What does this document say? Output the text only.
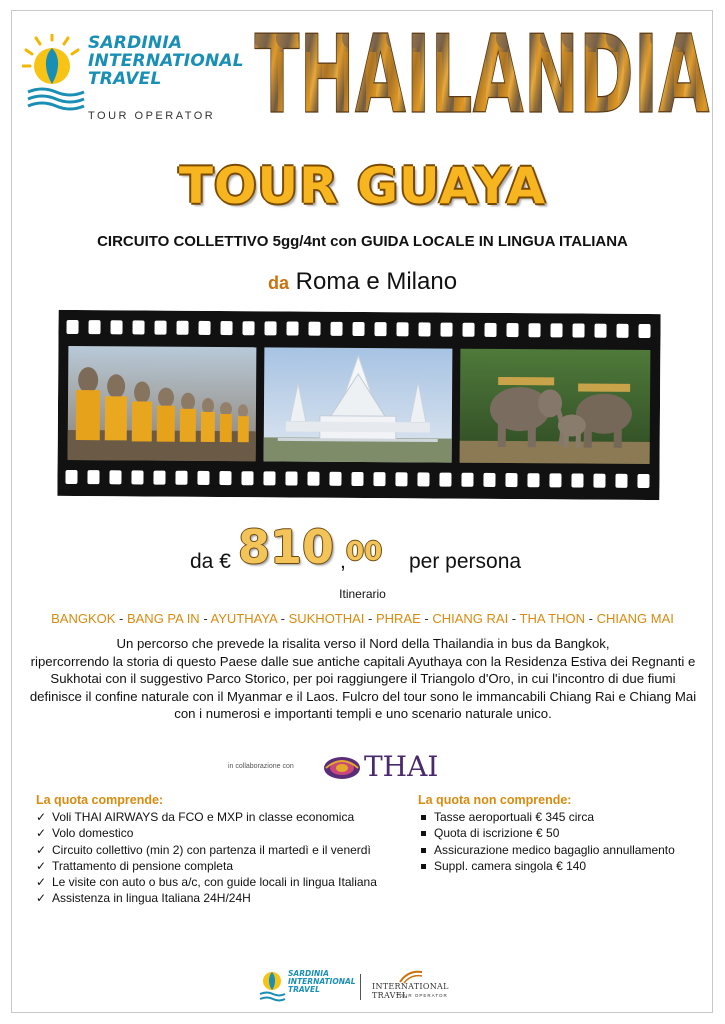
SARDINIA
INTERNATIONAL
TRAVEL
TOUR OPERATOR THAILANDIA
TOUR GUAYA
CIRCUITO COLLETTIVO 5gg/4nt con GUIDA LOCALE IN LINGUA ITALIANA
da Roma e Milano
da € 810 , 00 per persona
Itinerario
BANGKOK - BANG PA IN - AYUTHAYA - SUKHOTHAI - PHRAE - CHIANG RAI - THA THON - CHIANG MAI
Un percorso che prevede la risalita verso il Nord della Thailandia in bus da Bangkok,
ripercorrendo la storia di questo Paese dalle sue antiche capitali Ayuthaya con la Residenza Estiva dei Regnanti e
Sukhotai con il suggestivo Parco Storico, per poi raggiungere il Triangolo d'Oro, in cui l'incontro di due fiumi
definisce il confine naturale con il Myanmar e il Laos. Fulcro del tour sono le immancabili Chiang Rai e Chiang Mai
con i numerosi e importanti templi e uno scenario naturale unico.
in collaborazione con	THAI
La quota comprende:
✓ Voli THAI AIRWAYS da FCO e MXP in classe economica
✓ Volo domestico
✓ Circuito collettivo (min 2) con partenza il martedì e il venerdì
✓ Trattamento di pensione completa
✓ Le visite con auto o bus a/c, con guide locali in lingua Italiana
✓ Assistenza in lingua Italiana 24H/24H
La quota non comprende:
Tasse aeroportuali € 345 circa
Quota di iscrizione € 50
Assicurazione medico bagaglio annullamento
Suppl. camera singola € 140
SARDINIA
INTERNATIONAL
TRAVEL	INTERNATIONAL TRAVEL
TOUR OPERATOR
